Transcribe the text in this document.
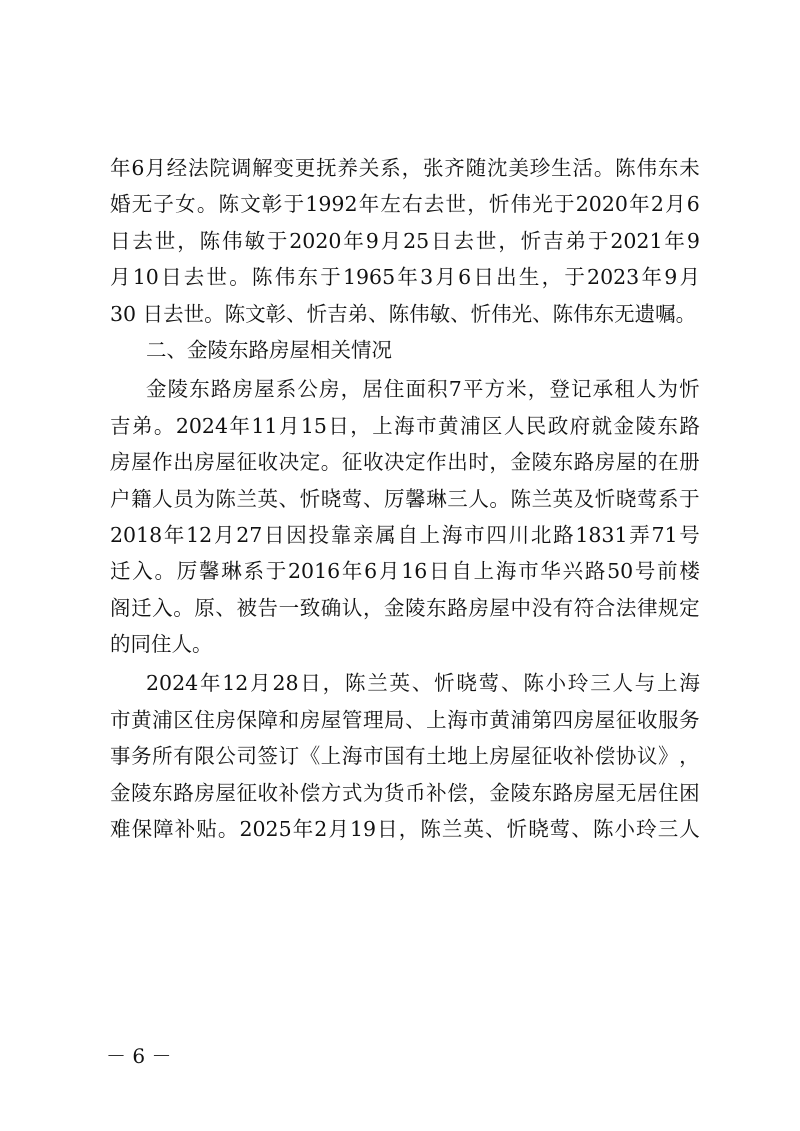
年 6 月 经 法 院 调 解 变 更 抚 养 关 系 ， 张 齐 随 沈 美 珍 生 活 。 陈 伟 东 未
婚 无 子 女 。 陈 文 彰 于 1992 年 左 右 去 世 ， 忻 伟 光 于 2020 年 2 月 6
日 去 世 ， 陈 伟 敏 于 2020 年 9 月 25 日 去 世 ， 忻 吉 弟 于 2021 年 9
月 10 日 去 世 。 陈 伟 东 于 1965 年 3 月 6 日 出 生 ， 于 2023 年 9 月
30 日去世。陈文彰、忻吉弟、陈伟敏、忻伟光、陈伟东无遗嘱。
二、金陵东路房屋相关情况
金 陵 东 路 房 屋 系 公 房 ， 居 住 面 积 7 平 方 米 ， 登 记 承 租 人 为 忻
吉 弟 。 2024 年 11 月 15 日 ， 上 海 市 黄 浦 区 人 民 政 府 就 金 陵 东 路
房 屋 作 出 房 屋 征 收 决 定 。 征 收 决 定 作 出 时 ， 金 陵 东 路 房 屋 的 在 册
户 籍 人 员 为 陈 兰 英 、 忻 晓 莺 、 厉 馨 琳 三 人 。 陈 兰 英 及 忻 晓 莺 系 于
2018 年 12 月 27 日 因 投 靠 亲 属 自 上 海 市 四 川 北 路 1831 弄 71 号
迁 入 。 厉 馨 琳 系 于 2016 年 6 月 16 日 自 上 海 市 华 兴 路 50 号 前 楼
阁 迁 入 。 原 、 被 告 一 致 确 认 ， 金 陵 东 路 房 屋 中 没 有 符 合 法 律 规 定
的同住人。
2024 年 12 月 28 日 ， 陈 兰 英 、 忻 晓 莺 、 陈 小 玲 三 人 与 上 海
市 黄 浦 区 住 房 保 障 和 房 屋 管 理 局 、 上 海 市 黄 浦 第 四 房 屋 征 收 服 务
事 务 所 有 限 公 司 签 订 《 上 海 市 国 有 土 地 上 房 屋 征 收 补 偿 协 议 》 ，
金 陵 东 路 房 屋 征 收 补 偿 方 式 为 货 币 补 偿 ， 金 陵 东 路 房 屋 无 居 住 困
难 保 障 补 贴 。 2025 年 2 月 19 日 ， 陈 兰 英 、 忻 晓 莺 、 陈 小 玲 三 人
－ 6 －
